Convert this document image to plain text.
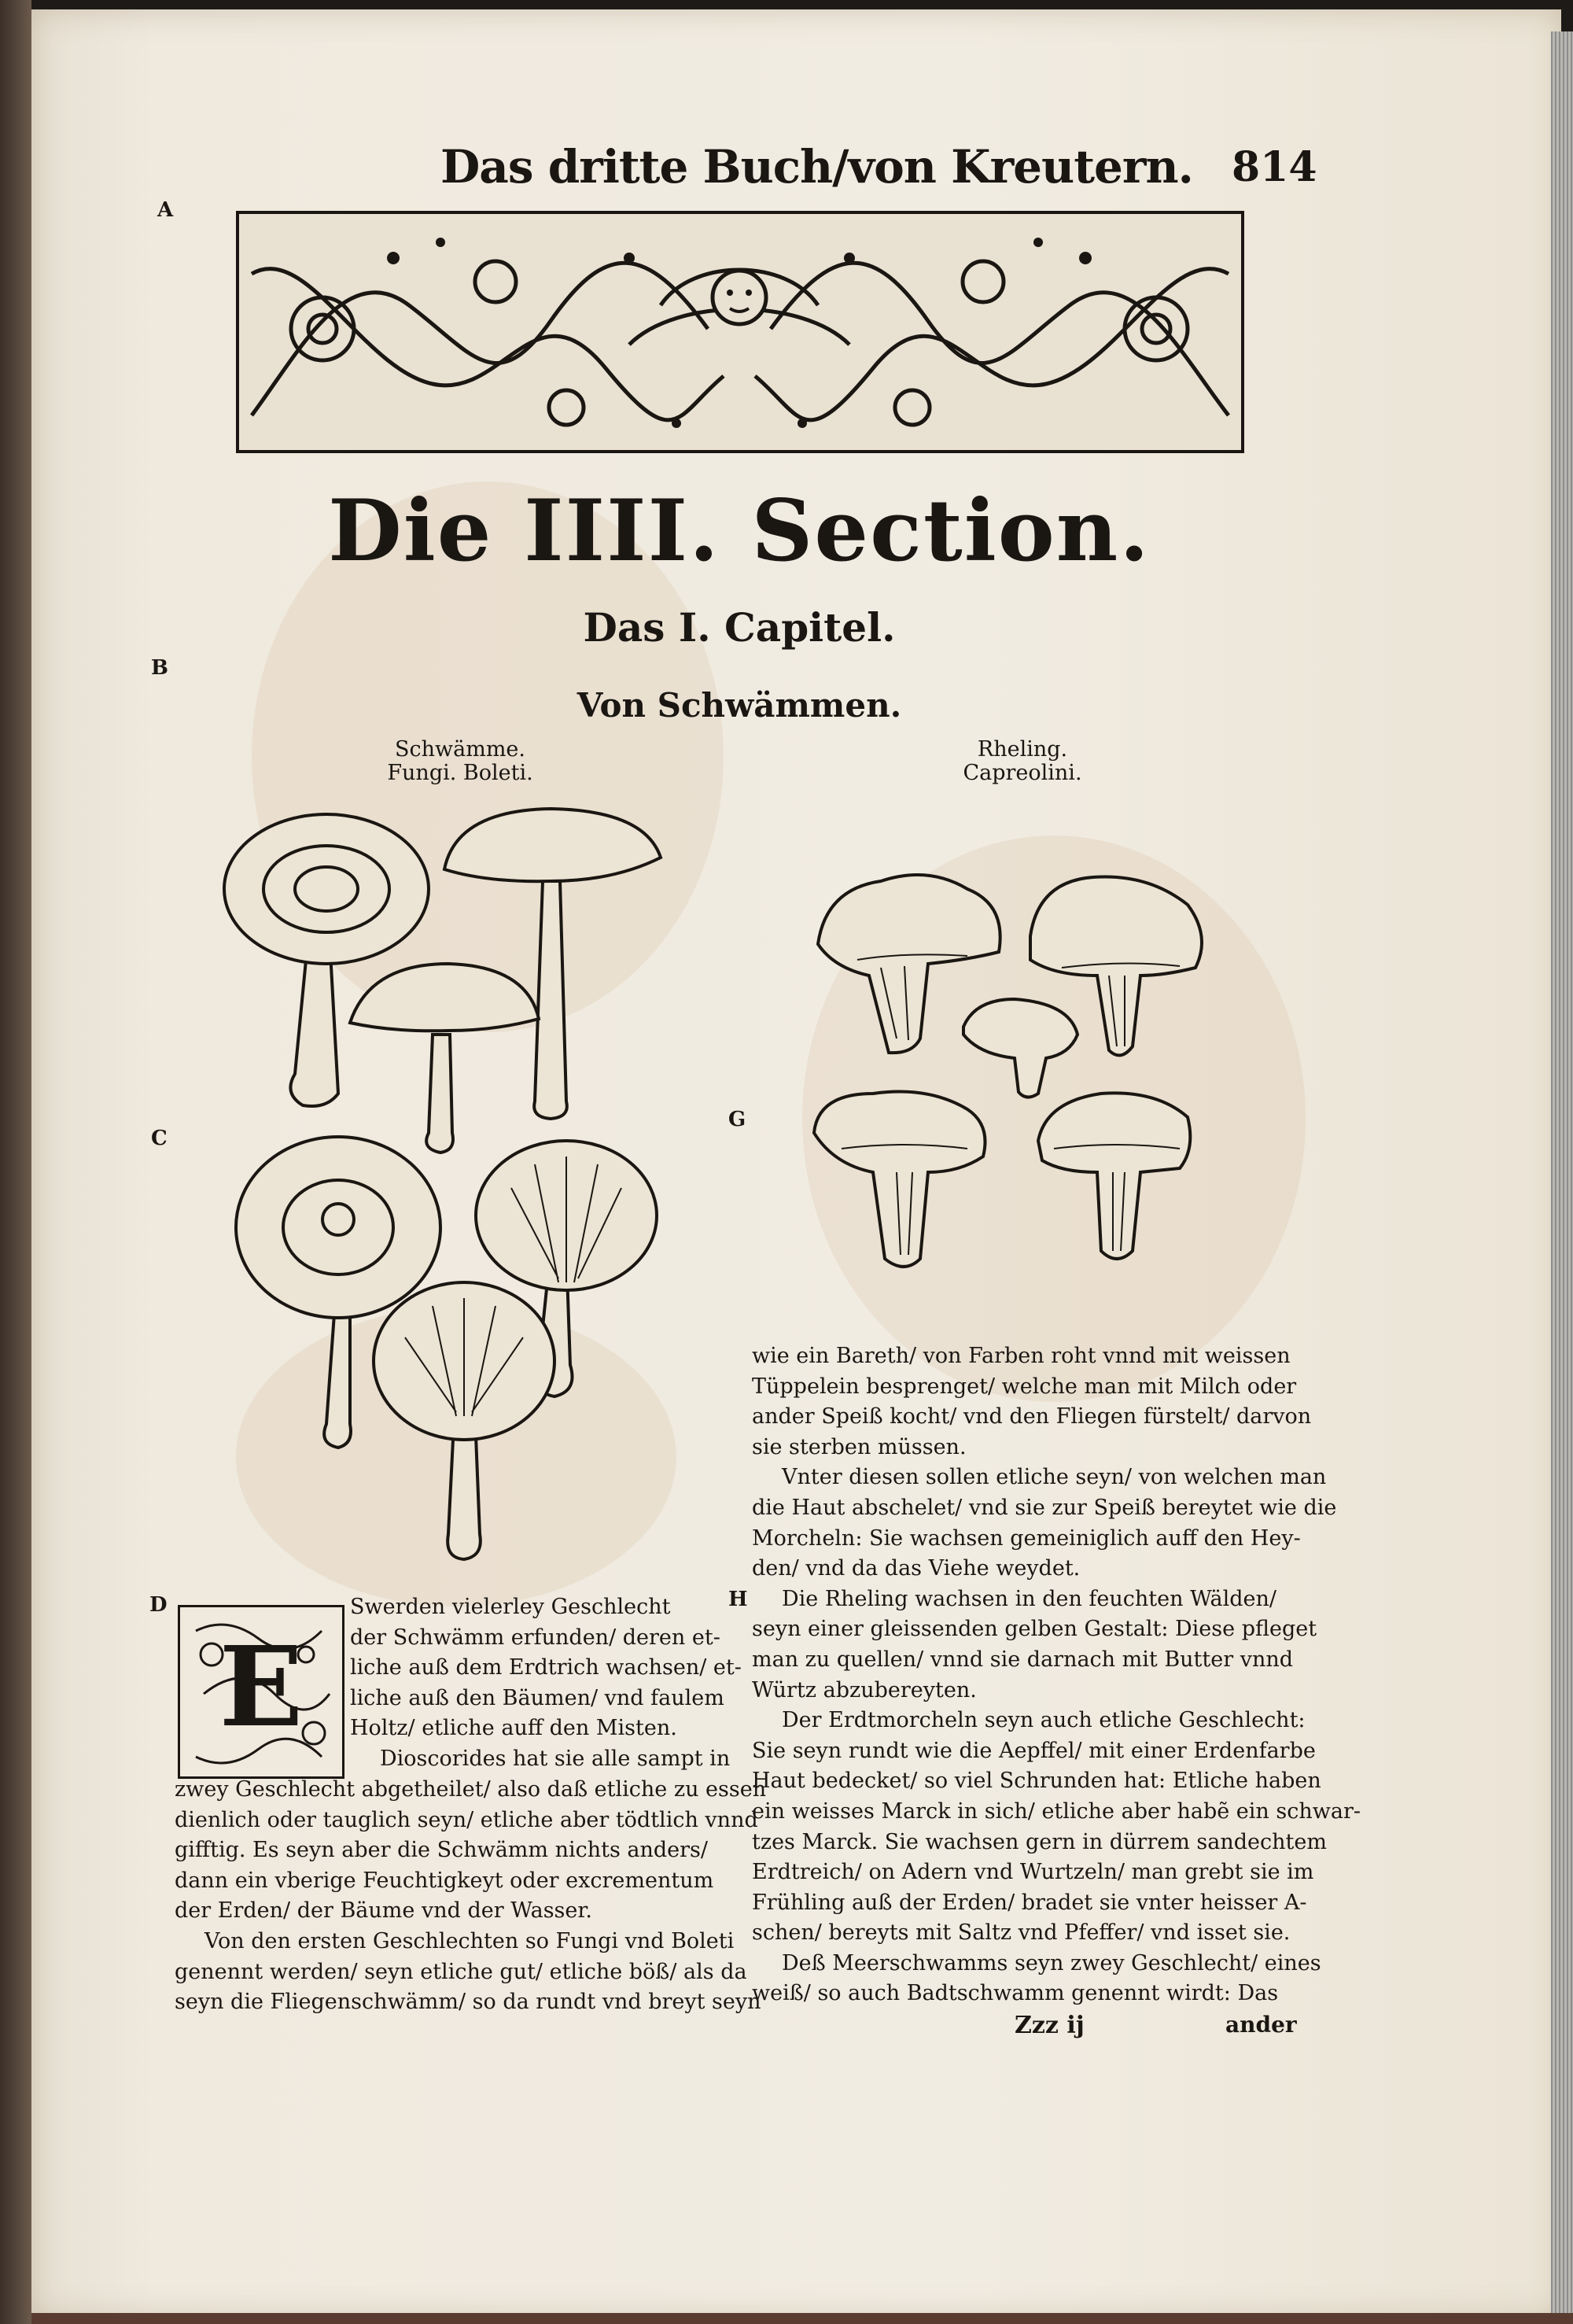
Das dritte Buch/von Kreutern. 814
A
B
C
D
G
H
Die IIII. Section.
Das I. Capitel.
Von Schwämmen.
Schwämme.
Fungi. Boleti.
Rheling.
Capreolini.
E
Swerden vielerley Geschlecht
der Schwämm erfunden/ deren et-
liche auß dem Erdtrich wachsen/ et-
liche auß den Bäumen/ vnd faulem
Holtz/ etliche auff den Misten.
Dioscorides hat sie alle sampt in
zwey Geschlecht abgetheilet/ also daß etliche zu essen
dienlich oder tauglich seyn/ etliche aber tödtlich vnnd
gifftig. Es seyn aber die Schwämm nichts anders/
dann ein vberige Feuchtigkeyt oder excrementum
der Erden/ der Bäume vnd der Wasser.
Von den ersten Geschlechten so Fungi vnd Boleti
genennt werden/ seyn etliche gut/ etliche böß/ als da
seyn die Fliegenschwämm/ so da rundt vnd breyt seyn
wie ein Bareth/ von Farben roht vnnd mit weissen
Tüppelein besprenget/ welche man mit Milch oder
ander Speiß kocht/ vnd den Fliegen fürstelt/ darvon
sie sterben müssen.
Vnter diesen sollen etliche seyn/ von welchen man
die Haut abschelet/ vnd sie zur Speiß bereytet wie die
Morcheln: Sie wachsen gemeiniglich auff den Hey-
den/ vnd da das Viehe weydet.
Die Rheling wachsen in den feuchten Wälden/
seyn einer gleissenden gelben Gestalt: Diese pfleget
man zu quellen/ vnnd sie darnach mit Butter vnnd
Würtz abzubereyten.
Der Erdtmorcheln seyn auch etliche Geschlecht:
Sie seyn rundt wie die Aepffel/ mit einer Erdenfarbe
Haut bedecket/ so viel Schrunden hat: Etliche haben
ein weisses Marck in sich/ etliche aber habẽ ein schwar-
tzes Marck. Sie wachsen gern in dürrem sandechtem
Erdtreich/ on Adern vnd Wurtzeln/ man grebt sie im
Frühling auß der Erden/ bradet sie vnter heisser A-
schen/ bereyts mit Saltz vnd Pfeffer/ vnd isset sie.
Deß Meerschwamms seyn zwey Geschlecht/ eines
weiß/ so auch Badtschwamm genennt wirdt: Das
Zzz ij	ander
